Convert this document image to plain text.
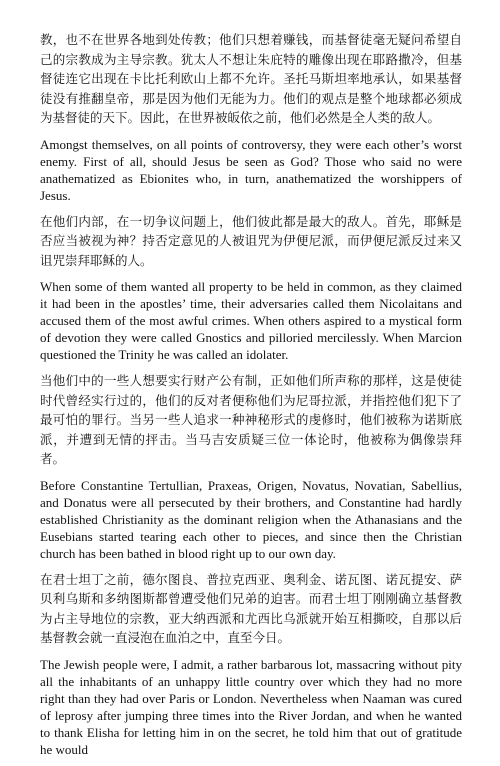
教，也不在世界各地到处传教；他们只想着赚钱，而基督徒毫无疑问希望自己的宗教成为主导宗教。犹太人不想让朱庇特的雕像出现在耶路撒冷，但基督徒连它出现在卡比托利欧山上都不允许。圣托马斯坦率地承认，如果基督徒没有推翻皇帝，那是因为他们无能为力。他们的观点是整个地球都必须成为基督徒的天下。因此，在世界被皈依之前，他们必然是全人类的敌人。

Amongst themselves, on all points of controversy, they were each other’s worst enemy. First of all, should Jesus be seen as God? Those who said no were anathematized as Ebionites who, in turn, anathematized the worshippers of Jesus.

在他们内部，在一切争议问题上，他们彼此都是最大的敌人。首先，耶稣是否应当被视为神？持否定意见的人被诅咒为伊便尼派，而伊便尼派反过来又诅咒崇拜耶稣的人。

When some of them wanted all property to be held in common, as they claimed it had been in the apostles’ time, their adversaries called them Nicolaitans and accused them of the most awful crimes. When others aspired to a mystical form of devotion they were called Gnostics and pilloried mercilessly. When Marcion questioned the Trinity he was called an idolater.

当他们中的一些人想要实行财产公有制，正如他们所声称的那样，这是使徒时代曾经实行过的，他们的反对者便称他们为尼哥拉派，并指控他们犯下了最可怕的罪行。当另一些人追求一种神秘形式的虔修时，他们被称为诺斯底派，并遭到无情的抨击。当马吉安质疑三位一体论时，他被称为偶像崇拜者。

Before Constantine Tertullian, Praxeas, Origen, Novatus, Novatian, Sabellius, and Donatus were all persecuted by their brothers, and Constantine had hardly established Christianity as the dominant religion when the Athanasians and the Eusebians started tearing each other to pieces, and since then the Christian church has been bathed in blood right up to our own day.

在君士坦丁之前，德尔图良、普拉克西亚、奥利金、诺瓦图、诺瓦提安、萨贝利乌斯和多纳图斯都曾遭受他们兄弟的迫害。而君士坦丁刚刚确立基督教为占主导地位的宗教，亚大纳西派和尤西比乌派就开始互相撕咬，自那以后基督教会就一直浸泡在血泊之中，直至今日。

The Jewish people were, I admit, a rather barbarous lot, massacring without pity all the inhabitants of an unhappy little country over which they had no more right than they had over Paris or London. Nevertheless when Naaman was cured of leprosy after jumping three times into the River Jordan, and when he wanted to thank Elisha for letting him in on the secret, he told him that out of gratitude he would
